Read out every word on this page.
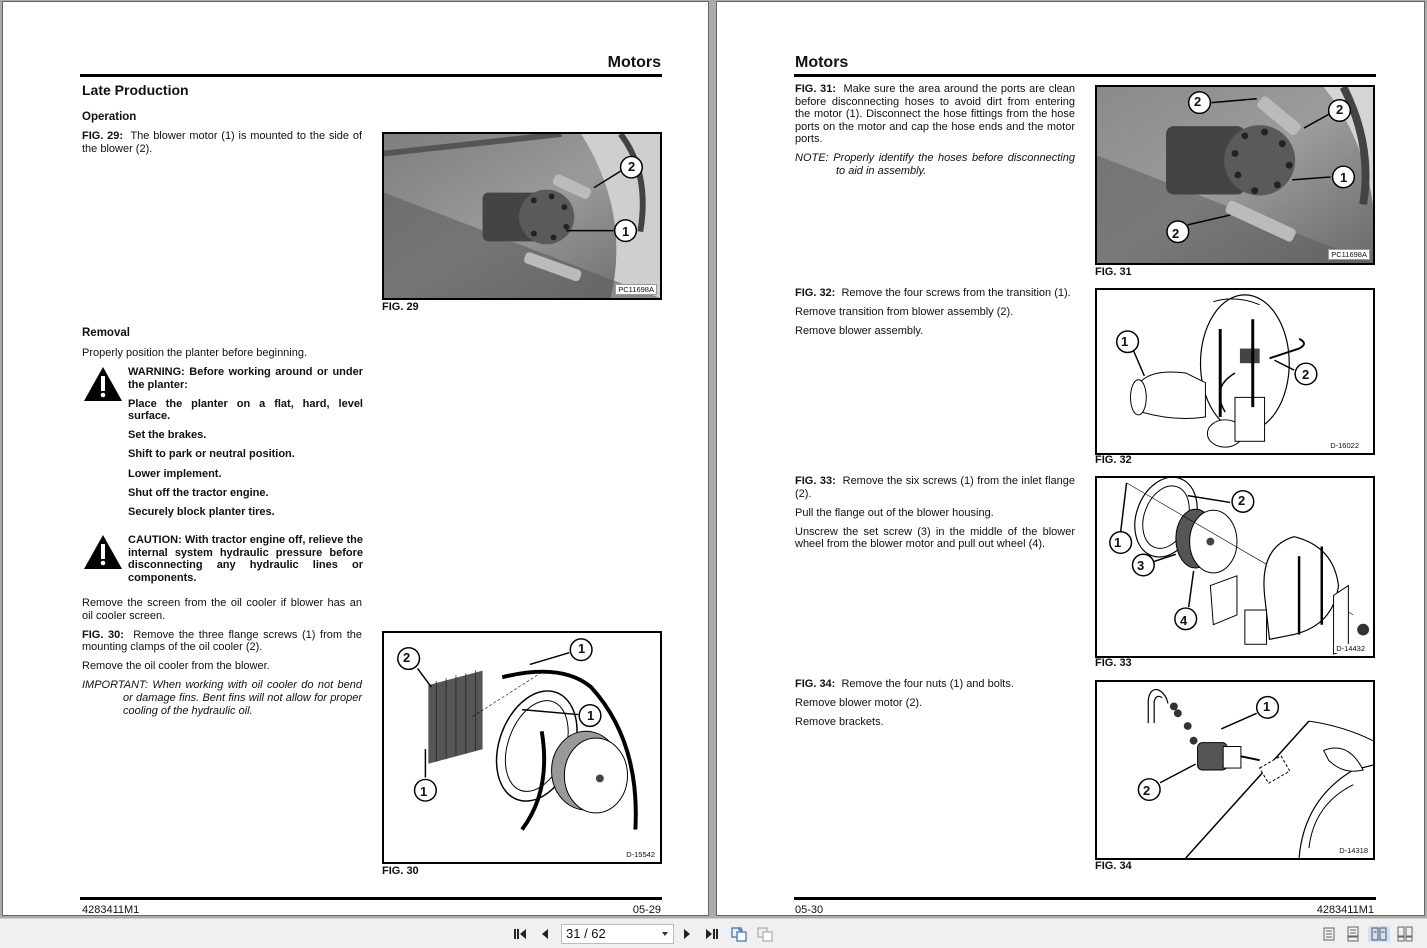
Motors
Late Production
Operation

FIG. 29: The blower motor (1) is mounted to the side of the blower (2).

2
1
PC11698A
FIG. 29
Removal
Properly position the planter before beginning.

WARNING: Before working around or under the planter:

Place the planter on a flat, hard, level surface.

Set the brakes.

Shift to park or neutral position.

Lower implement.

Shut off the tractor engine.

Securely block planter tires.

CAUTION: With tractor engine off, relieve the internal system hydraulic pressure before disconnecting any hydraulic lines or components.

Remove the screen from the oil cooler if blower has an oil cooler screen.

FIG. 30: Remove the three flange screws (1) from the mounting clamps of the oil cooler (2).

Remove the oil cooler from the blower.

IMPORTANT: When working with oil cooler do not bend or damage fins. Bent fins will not allow for proper cooling of the hydraulic oil.

2
1
1
1
D-15542
FIG. 30
4283411M1	05-29
Motors

FIG. 31: Make sure the area around the ports are clean before disconnecting hoses to avoid dirt from entering the motor (1). Disconnect the hose fittings from the hose ports on the motor and cap the hose ends and the motor ports.

NOTE: Properly identify the hoses before disconnecting to aid in assembly.

2
2
1
2
PC11698A
FIG. 31

FIG. 32: Remove the four screws from the transition (1).

Remove transition from blower assembly (2).

Remove blower assembly.

1
2
D-16022
FIG. 32

FIG. 33: Remove the six screws (1) from the inlet flange (2).

Pull the flange out of the blower housing.

Unscrew the set screw (3) in the middle of the blower wheel from the blower motor and pull out wheel (4).

2
1
3
4
D-14432
FIG. 33

FIG. 34: Remove the four nuts (1) and bolts.

Remove blower motor (2).

Remove brackets.

1
2
D-14318
FIG. 34
05-30	4283411M1
31 / 62
